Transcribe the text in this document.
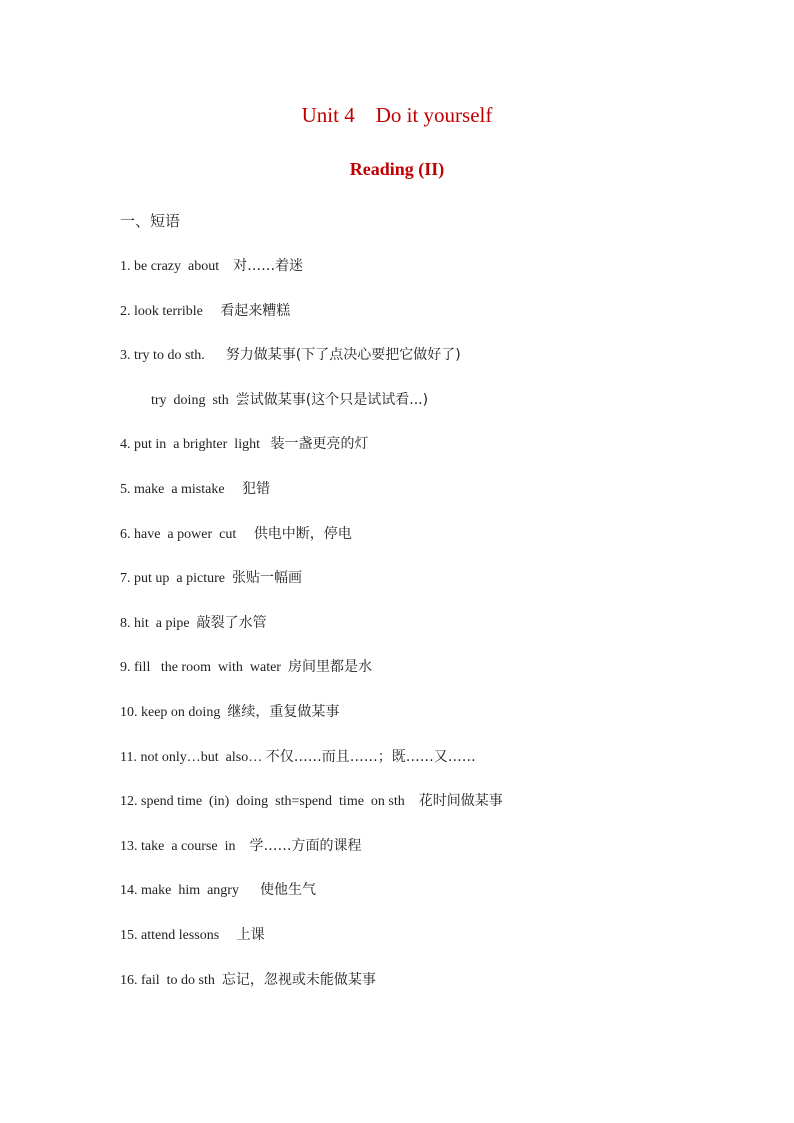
Unit 4    Do it yourself
Reading (II)
一、短语
1. be crazy  about    对……着迷
2. look terrible     看起来糟糕
3. try to do sth.      努力做某事(下了点决心要把它做好了)
try  doing  sth  尝试做某事(这个只是试试看...)
4. put in  a brighter  light   装一盏更亮的灯
5. make  a mistake     犯错
6. have  a power  cut     供电中断，停电
7. put up  a picture  张贴一幅画
8. hit  a pipe  敲裂了水管
9. fill   the room  with  water  房间里都是水
10. keep on doing  继续，重复做某事
11. not only…but  also… 不仅……而且……；既……又……
12. spend time  (in)  doing  sth=spend  time  on sth    花时间做某事
13. take  a course  in    学……方面的课程
14. make  him  angry      使他生气
15. attend lessons     上课
16. fail  to do sth  忘记，忽视或未能做某事
